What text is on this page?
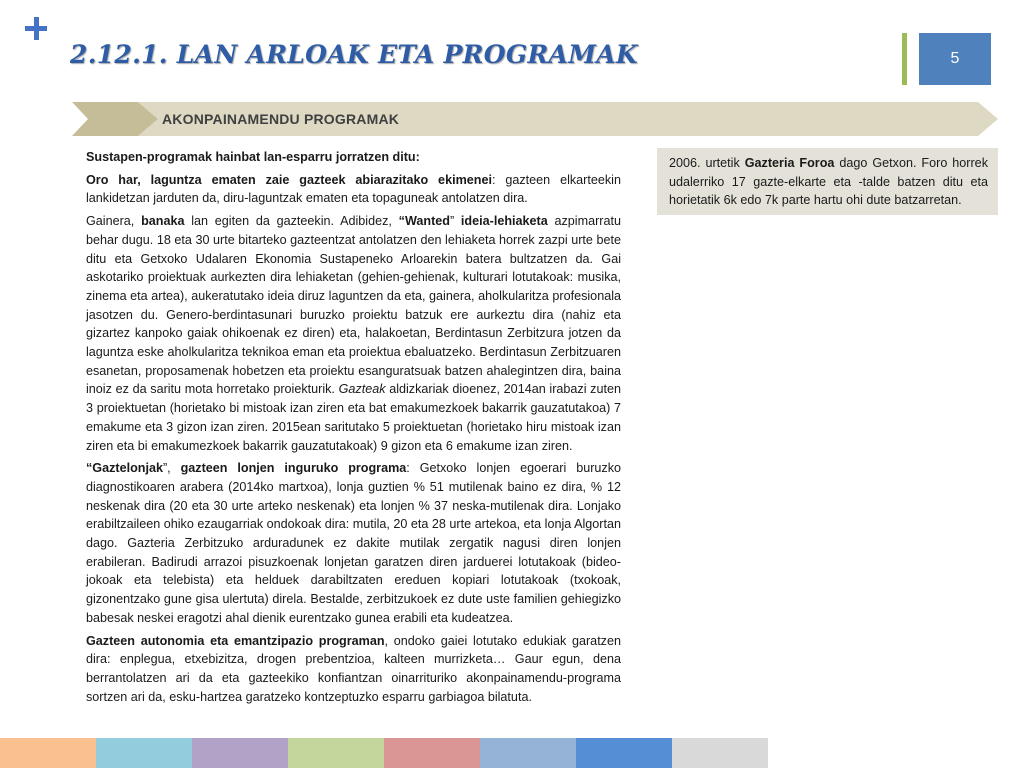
2.12.1. LAN ARLOAK ETA PROGRAMAK	5
AKONPAINAMENDU PROGRAMAK

Sustapen-programak hainbat lan-esparru jorratzen ditu:

Oro har, laguntza ematen zaie gazteek abiarazitako ekimenei: gazteen elkarteekin lankidetzan jarduten da, diru-laguntzak ematen eta topaguneak antolatzen dira.

Gainera, banaka lan egiten da gazteekin. Adibidez, “Wanted” ideia-lehiaketa azpimarratu behar dugu. 18 eta 30 urte bitarteko gazteentzat antolatzen den lehiaketa horrek zazpi urte bete ditu eta Getxoko Udalaren Ekonomia Sustapeneko Arloarekin batera bultzatzen da. Gai askotariko proiektuak aurkezten dira lehiaketan (gehien-gehienak, kulturari lotutakoak: musika, zinema eta artea), aukeratutako ideia diruz laguntzen da eta, gainera, aholkularitza profesionala jasotzen du. Genero-berdintasunari buruzko proiektu batzuk ere aurkeztu dira (nahiz eta gizartez kanpoko gaiak ohikoenak ez diren) eta, halakoetan, Berdintasun Zerbitzura jotzen da laguntza eske aholkularitza teknikoa eman eta proiektua ebaluatzeko. Berdintasun Zerbitzuaren esanetan, proposamenak hobetzen eta proiektu esanguratsuak batzen ahalegintzen dira, baina inoiz ez da saritu mota horretako proiekturik. Gazteak aldizkariak dioenez, 2014an irabazi zuten 3 proiektuetan (horietako bi mistoak izan ziren eta bat emakumezkoek bakarrik gauzatutakoa) 7 emakume eta 3 gizon izan ziren. 2015ean saritutako 5 proiektuetan (horietako hiru mistoak izan ziren eta bi emakumezkoek bakarrik gauzatutakoak) 9 gizon eta 6 emakume izan ziren.

“Gaztelonjak”, gazteen lonjen inguruko programa: Getxoko lonjen egoerari buruzko diagnostikoaren arabera (2014ko martxoa), lonja guztien % 51 mutilenak baino ez dira, % 12 neskenak dira (20 eta 30 urte arteko neskenak) eta lonjen % 37 neska-mutilenak dira. Lonjako erabiltzaileen ohiko ezaugarriak ondokoak dira: mutila, 20 eta 28 urte artekoa, eta lonja Algortan dago. Gazteria Zerbitzuko arduradunek ez dakite mutilak zergatik nagusi diren lonjen erabileran. Badirudi arrazoi pisuzkoenak lonjetan garatzen diren jarduerei lotutakoak (bideo-jokoak eta telebista) eta helduek darabiltzaten ereduen kopiari lotutakoak (txokoak, gizonentzako gune gisa ulertuta) direla. Bestalde, zerbitzukoek ez dute uste familien gehiegizko babesak neskei eragotzi ahal dienik eurentzako gunea erabili eta kudeatzea.

Gazteen autonomia eta emantzipazio programan, ondoko gaiei lotutako edukiak garatzen dira: enplegua, etxebizitza, drogen prebentzioa, kalteen murrizketa… Gaur egun, dena berrantolatzen ari da eta gazteekiko konfiantzan oinarrituriko akonpainamendu-programa sortzen ari da, esku-hartzea garatzeko kontzeptuzko esparru garbiagoa bilatuta.

2006. urtetik Gazteria Foroa dago Getxon. Foro horrek udalerriko 17 gazte-elkarte eta -talde batzen ditu eta horietatik 6k edo 7k parte hartu ohi dute batzarretan.
